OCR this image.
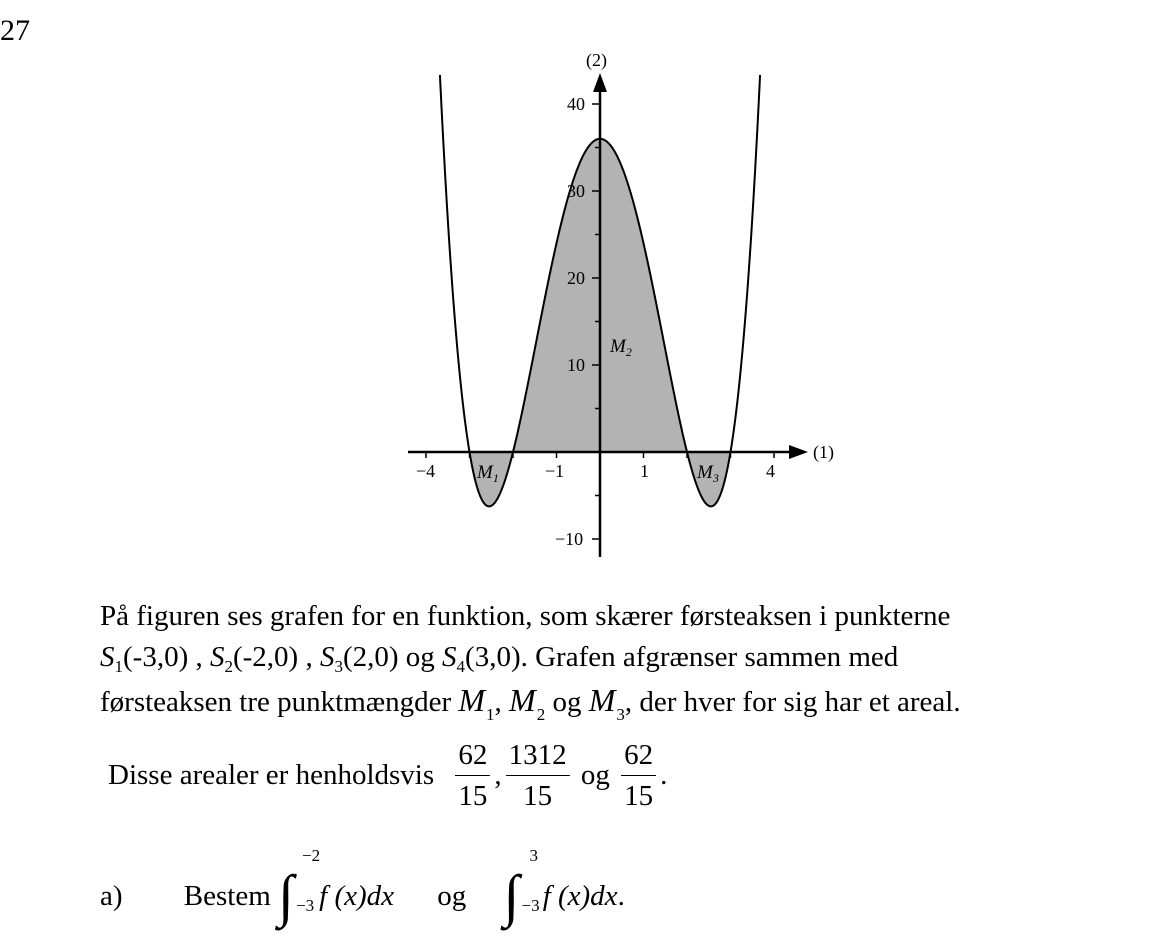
27
(2)
(1)
40
30
20
10
−10
−4	−1	1	4
$M_1$
$M_2$
$M_3$
På figuren ses grafen for en funktion, som skærer førsteaksen i punkterne
$S_1(-3,0)$ , $S_2(-2,0)$ , $S_3(2,0)$ og $S_4(3,0)$. Grafen afgrænser sammen med
førsteaksen tre punktmængder $M_1$, $M_2$ og $M_3$, der hver for sig har et areal.
Disse arealer er henholdsvis $\frac{62}{15}$ , $\frac{1312}{15}$ og $\frac{62}{15}$ .
a) Bestem ∫
−2
−3 f (x)dx og ∫
3
−3 f (x)dx.
